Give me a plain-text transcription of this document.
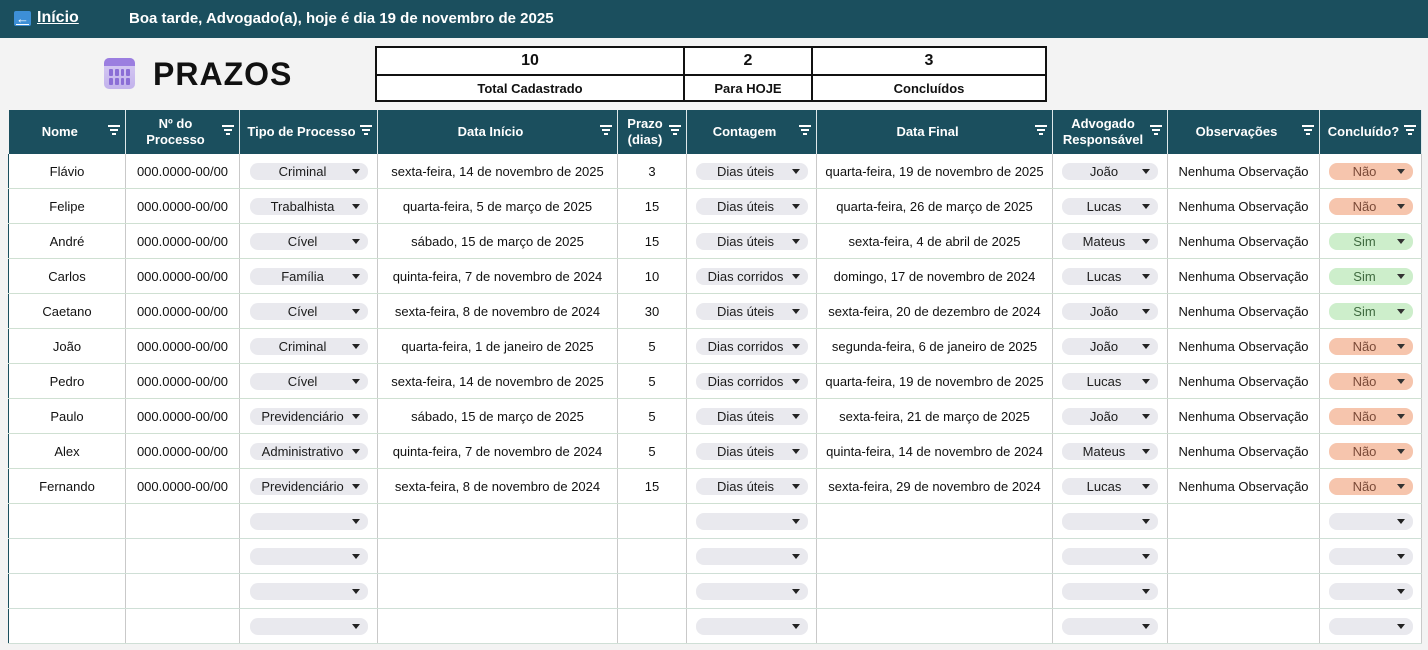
← Início	Boa tarde, Advogado(a), hoje é dia 19 de novembro de 2025
PRAZOS	10	2	3
Total Cadastrado	Para HOJE	Concluídos
Nome	Nº do Processo	Tipo de Processo	Data Início	Prazo (dias)	Contagem	Data Final	Advogado Responsável	Observações	Concluído?

Flávio	000.0000-00/00	Criminal	sexta-feira, 14 de novembro de 2025	3	Dias úteis	quarta-feira, 19 de novembro de 2025	João	Nenhuma Observação	Não

Felipe	000.0000-00/00	Trabalhista	quarta-feira, 5 de março de 2025	15	Dias úteis	quarta-feira, 26 de março de 2025	Lucas	Nenhuma Observação	Não

André	000.0000-00/00	Cível	sábado, 15 de março de 2025	15	Dias úteis	sexta-feira, 4 de abril de 2025	Mateus	Nenhuma Observação	Sim

Carlos	000.0000-00/00	Família	quinta-feira, 7 de novembro de 2024	10	Dias corridos	domingo, 17 de novembro de 2024	Lucas	Nenhuma Observação	Sim

Caetano	000.0000-00/00	Cível	sexta-feira, 8 de novembro de 2024	30	Dias úteis	sexta-feira, 20 de dezembro de 2024	João	Nenhuma Observação	Sim

João	000.0000-00/00	Criminal	quarta-feira, 1 de janeiro de 2025	5	Dias corridos	segunda-feira, 6 de janeiro de 2025	João	Nenhuma Observação	Não

Pedro	000.0000-00/00	Cível	sexta-feira, 14 de novembro de 2025	5	Dias corridos	quarta-feira, 19 de novembro de 2025	Lucas	Nenhuma Observação	Não

Paulo	000.0000-00/00	Previdenciário	sábado, 15 de março de 2025	5	Dias úteis	sexta-feira, 21 de março de 2025	João	Nenhuma Observação	Não

Alex	000.0000-00/00	Administrativo	quinta-feira, 7 de novembro de 2024	5	Dias úteis	quinta-feira, 14 de novembro de 2024	Mateus	Nenhuma Observação	Não

Fernando	000.0000-00/00	Previdenciário	sexta-feira, 8 de novembro de 2024	15	Dias úteis	sexta-feira, 29 de novembro de 2024	Lucas	Nenhuma Observação	Não
